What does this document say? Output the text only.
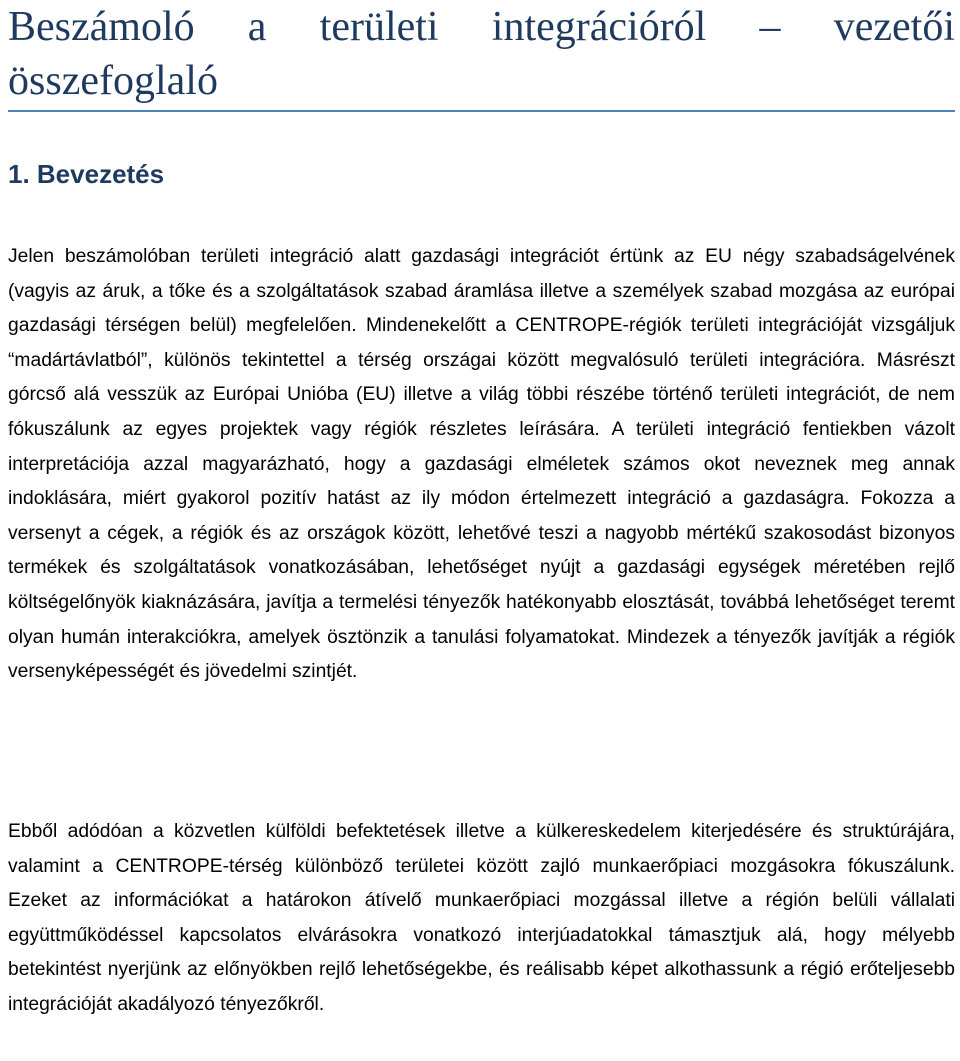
Beszámoló a területi integrációról – vezetői összefoglaló
1. Bevezetés

Jelen beszámolóban területi integráció alatt gazdasági integrációt értünk az EU négy szabadságelvének (vagyis az áruk, a tőke és a szolgáltatások szabad áramlása illetve a személyek szabad mozgása az európai gazdasági térségen belül) megfelelően. Mindenekelőtt a CENTROPE-régiók területi integrációját vizsgáljuk “madártávlatból”, különös tekintettel a térség országai között megvalósuló területi integrációra. Másrészt górcső alá vesszük az Európai Unióba (EU) illetve a világ többi részébe történő területi integrációt, de nem fókuszálunk az egyes projektek vagy régiók részletes leírására. A területi integráció fentiekben vázolt interpretációja azzal magyarázható, hogy a gazdasági elméletek számos okot neveznek meg annak indoklására, miért gyakorol pozitív hatást az ily módon értelmezett integráció a gazdaságra. Fokozza a versenyt a cégek, a régiók és az országok között, lehetővé teszi a nagyobb mértékű szakosodást bizonyos termékek és szolgáltatások vonatkozásában, lehetőséget nyújt a gazdasági egységek méretében rejlő költségelőnyök kiaknázására, javítja a termelési tényezők hatékonyabb elosztását, továbbá lehetőséget teremt olyan humán interakciókra, amelyek ösztönzik a tanulási folyamatokat. Mindezek a tényezők javítják a régiók versenyképességét és jövedelmi szintjét.

Ebből adódóan a közvetlen külföldi befektetések illetve a külkereskedelem kiterjedésére és struktúrájára, valamint a CENTROPE-térség különböző területei között zajló munkaerőpiaci mozgásokra fókuszálunk. Ezeket az információkat a határokon átívelő munkaerőpiaci mozgással illetve a régión belüli vállalati együttműködéssel kapcsolatos elvárásokra vonatkozó interjúadatokkal támasztjuk alá, hogy mélyebb betekintést nyerjünk az előnyökben rejlő lehetőségekbe, és reálisabb képet alkothassunk a régió erőteljesebb integrációját akadályozó tényezőkről.
